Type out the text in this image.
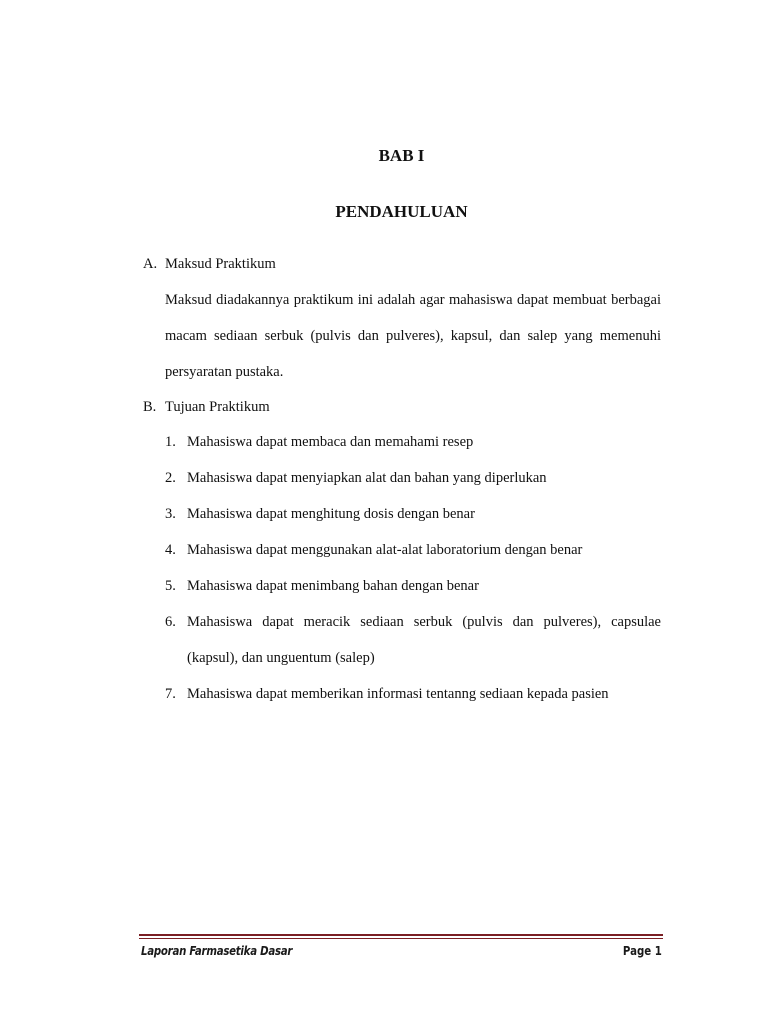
BAB I
PENDAHULUAN

A. Maksud Praktikum

Maksud diadakannya praktikum ini adalah agar mahasiswa dapat membuat berbagai macam sediaan serbuk (pulvis dan pulveres), kapsul, dan salep yang memenuhi persyaratan pustaka.

B. Tujuan Praktikum

1. Mahasiswa dapat membaca dan memahami resep
2. Mahasiswa dapat menyiapkan alat dan bahan yang diperlukan
3. Mahasiswa dapat menghitung dosis dengan benar
4. Mahasiswa dapat menggunakan alat-alat laboratorium dengan benar
5. Mahasiswa dapat menimbang bahan dengan benar
6. Mahasiswa dapat meracik sediaan serbuk (pulvis dan pulveres), capsulae (kapsul), dan unguentum (salep)
7. Mahasiswa dapat memberikan informasi tentanng sediaan kepada pasien
Laporan Farmasetika Dasar	Page 1
